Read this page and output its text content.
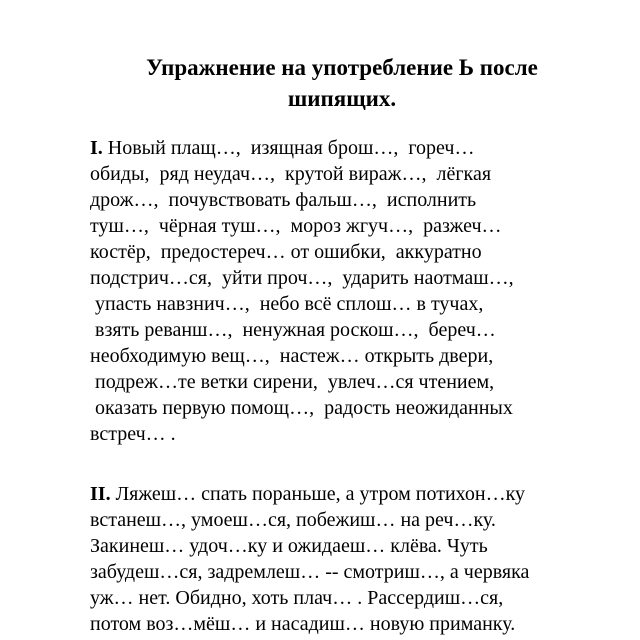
Упражнение на употребление Ь после
шипящих.
I. Новый плащ…,  изящная брош…,  гореч…
обиды,  ряд неудач…,  крутой вираж…,  лёгкая
дрож…,  почувствовать фальш…,  исполнить
туш…,  чёрная туш…,  мороз жгуч…,  разжеч…
костёр,  предостереч… от ошибки,  аккуратно
подстрич…ся,  уйти проч…,  ударить наотмаш…,
упасть навзнич…,  небо всё сплош… в тучах,
взять реванш…,  ненужная роскош…,  береч…
необходимую вещ…,  настеж… открыть двери,
подреж…те ветки сирени,  увлеч…ся чтением,
оказать первую помощ…,  радость неожиданных
встреч… .
II. Ляжеш… спать пораньше, а утром потихон…ку
встанеш…, умоеш…ся, побежиш… на реч…ку.
Закинеш… удоч…ку и ожидаеш… клёва. Чуть
забудеш…ся, задремлеш… -- смотриш…, а червяка
уж… нет. Обидно, хоть плач… . Рассердиш…ся,
потом воз…мёш… и насадиш… новую приманку.
